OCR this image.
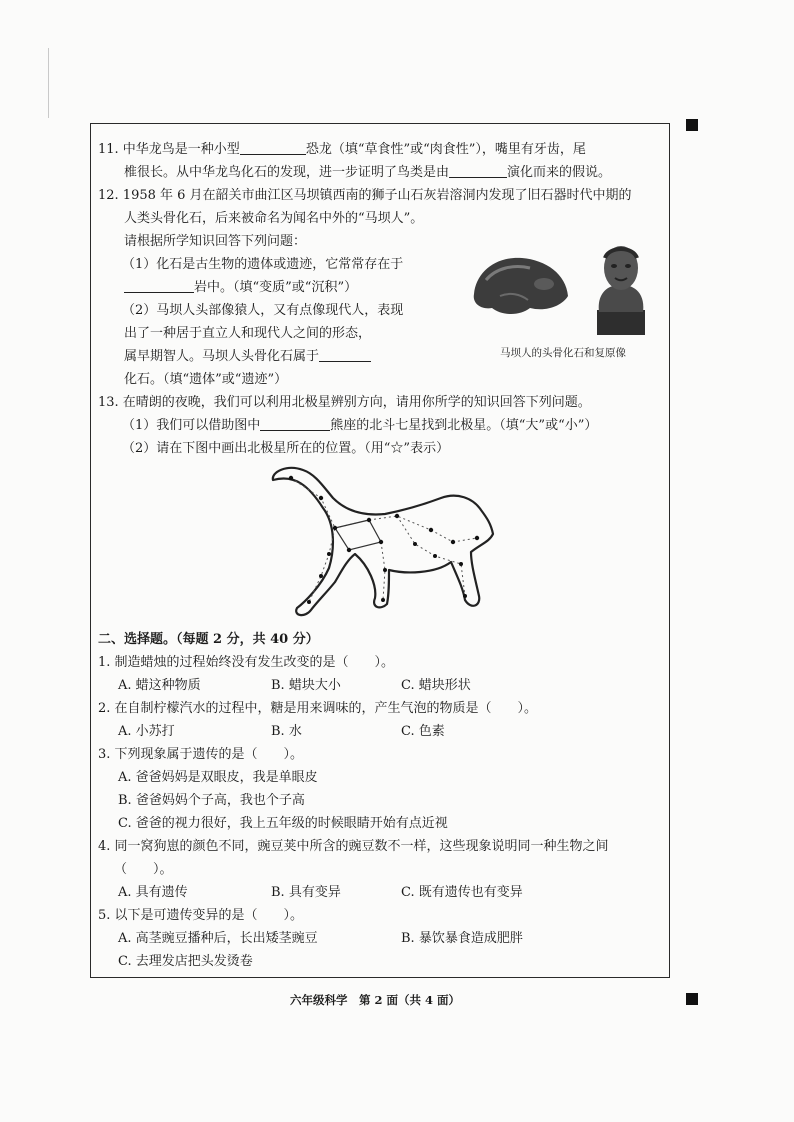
11. 中华龙鸟是一种小型	恐龙（填“草食性”或“肉食性”），嘴里有牙齿，尾
椎很长。从中华龙鸟化石的发现，进一步证明了鸟类是由	演化而来的假说。
12. 1958 年 6 月在韶关市曲江区马坝镇西南的狮子山石灰岩溶洞内发现了旧石器时代中期的
人类头骨化石，后来被命名为闻名中外的“马坝人”。
请根据所学知识回答下列问题：
（1）化石是古生物的遗体或遗迹，它常常存在于
岩中。（填“变质”或“沉积”）
（2）马坝人头部像猿人，又有点像现代人，表现
出了一种居于直立人和现代人之间的形态，
属早期智人。马坝人头骨化石属于
化石。（填“遗体”或“遗迹”）
13. 在晴朗的夜晚，我们可以利用北极星辨别方向，请用你所学的知识回答下列问题。
（1）我们可以借助图中	熊座的北斗七星找到北极星。（填“大”或“小”）
（2）请在下图中画出北极星所在的位置。（用“☆”表示）
二、选择题。（每题 2 分，共 40 分）
1. 制造蜡烛的过程始终没有发生改变的是（　　）。
A. 蜡这种物质	B. 蜡块大小	C. 蜡块形状
2. 在自制柠檬汽水的过程中，糖是用来调味的，产生气泡的物质是（　　）。
A. 小苏打	B. 水	C. 色素
3. 下列现象属于遗传的是（　　）。
A. 爸爸妈妈是双眼皮，我是单眼皮
B. 爸爸妈妈个子高，我也个子高
C. 爸爸的视力很好，我上五年级的时候眼睛开始有点近视
4. 同一窝狗崽的颜色不同，豌豆荚中所含的豌豆数不一样，这些现象说明同一种生物之间
（　　）。
A. 具有遗传	B. 具有变异	C. 既有遗传也有变异
5. 以下是可遗传变异的是（　　）。
A. 高茎豌豆播种后，长出矮茎豌豆	B. 暴饮暴食造成肥胖
C. 去理发店把头发烫卷
马坝人的头骨化石和复原像
六年级科学　第 2 面（共 4 面）
